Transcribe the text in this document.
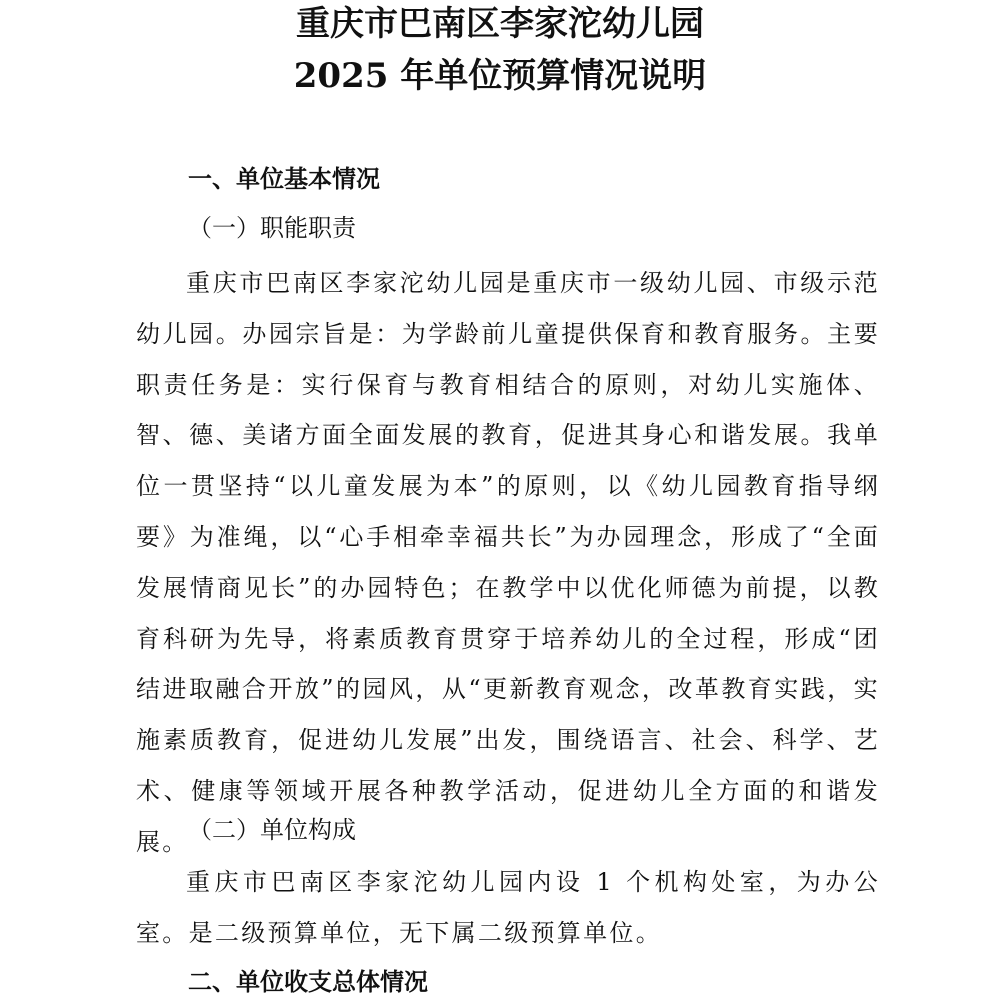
重庆市巴南区李家沱幼儿园
2025 年单位预算情况说明
一、单位基本情况
（一）职能职责

重庆市巴南区李家沱幼儿园是重庆市一级幼儿园、市级示范幼儿园。办园宗旨是：为学龄前儿童提供保育和教育服务。主要职责任务是：实行保育与教育相结合的原则，对幼儿实施体、智、德、美诸方面全面发展的教育，促进其身心和谐发展。我单位一贯坚持“以儿童发展为本”的原则，以《幼儿园教育指导纲要》为准绳，以“心手相牵幸福共长”为办园理念，形成了“全面发展情商见长”的办园特色；在教学中以优化师德为前提，以教育科研为先导，将素质教育贯穿于培养幼儿的全过程，形成“团结进取融合开放”的园风，从“更新教育观念，改革教育实践，实施素质教育，促进幼儿发展”出发，围绕语言、社会、科学、艺术、健康等领域开展各种教学活动，促进幼儿全方面的和谐发展。 （二）单位构成

重庆市巴南区李家沱幼儿园内设 1 个机构处室，为办公室。是二级预算单位，无下属二级预算单位。

二、单位收支总体情况
